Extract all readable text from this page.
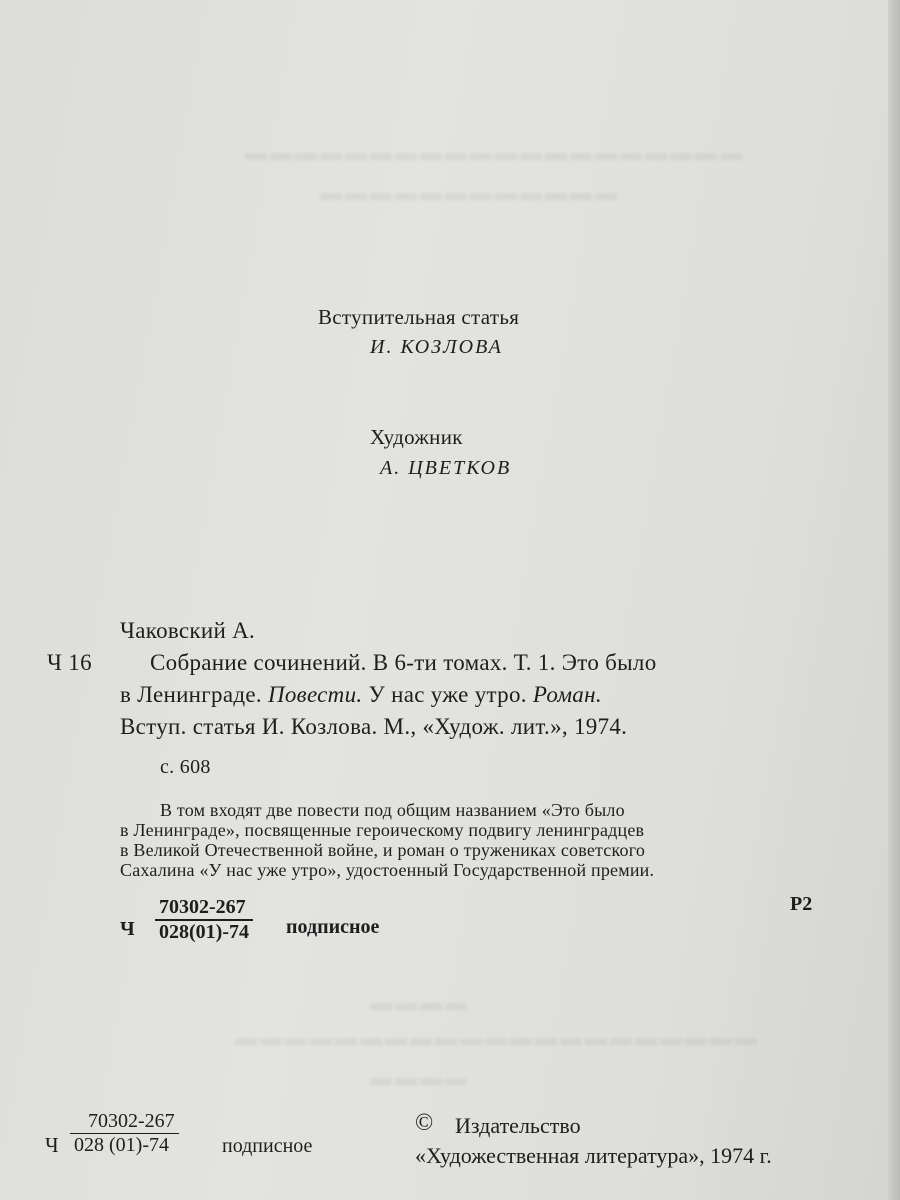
▬▬▬▬▬▬▬▬▬▬▬▬▬▬▬▬▬▬▬▬
▬▬▬▬▬▬▬▬▬▬▬▬
▬▬▬▬
▬▬▬▬▬▬▬▬▬▬▬▬▬▬▬▬▬▬▬▬▬
▬▬▬▬
Вступительная статья
И. КОЗЛОВА
Художник
А. ЦВЕТКОВ
Чаковский А.
Ч 16	Собрание сочинений. В 6-ти томах. Т. 1. Это было
в Ленинграде. Повести. У нас уже утро. Роман.
Вступ. статья И. Козлова. М., «Худож. лит.», 1974.
с. 608
В том входят две повести под общим названием «Это было
в Ленинграде», посвященные героическому подвигу ленинградцев
в Великой Отечественной войне, и роман о тружениках советского
Сахалина «У нас уже утро», удостоенный Государственной премии.
Ч $\frac{70302-267}{028(01)-74}$ подписное
Р2
Ч $\frac{70302-267}{028 (01)-74}$ подписное
© Издательство
«Художественная литература», 1974 г.
